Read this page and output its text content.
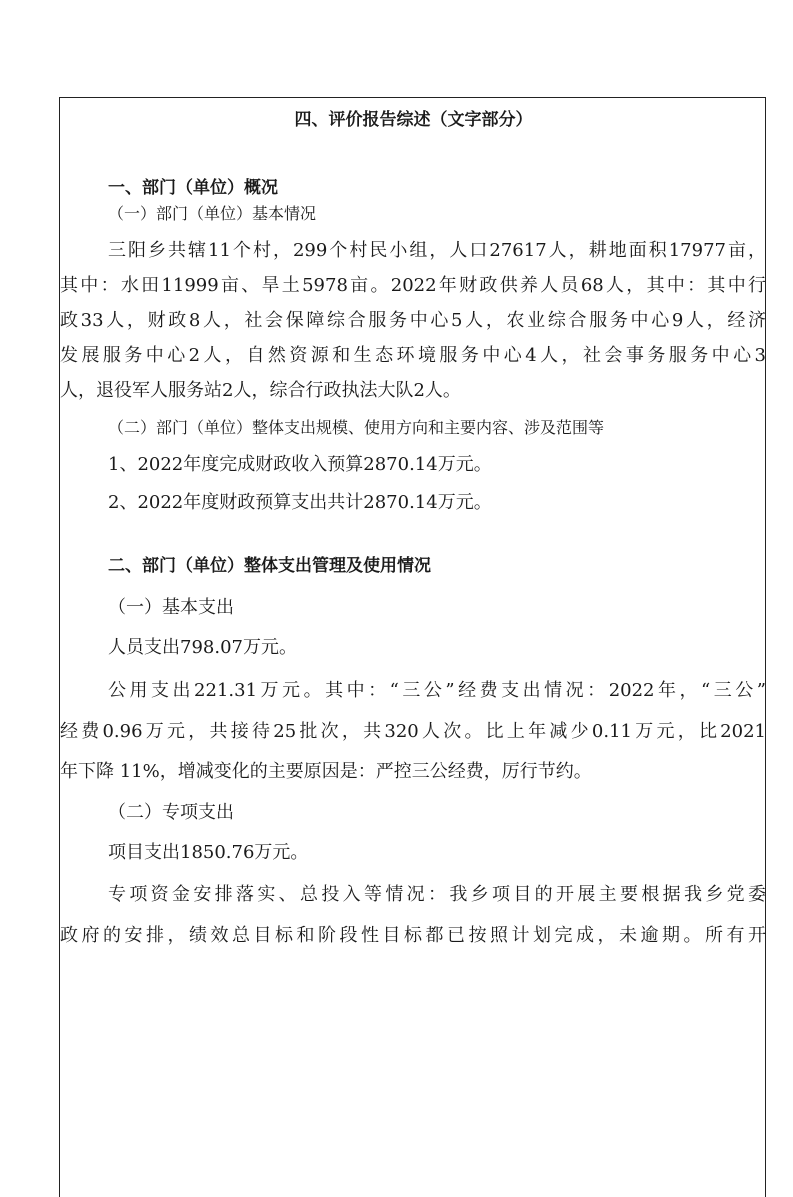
四、评价报告综述（文字部分）
一、部门（单位）概况
（一）部门（单位）基本情况
三阳乡共辖11个村，299个村民小组，人口27617人，耕地面积17977亩，
其中：水田11999亩、旱土5978亩。2022年财政供养人员68人，其中：其中行
政33人，财政8人，社会保障综合服务中心5人，农业综合服务中心9人，经济
发展服务中心2人，自然资源和生态环境服务中心4人，社会事务服务中心3
人，退役军人服务站2人，综合行政执法大队2人。
（二）部门（单位）整体支出规模、使用方向和主要内容、涉及范围等
1、2022年度完成财政收入预算2870.14万元。
2、2022年度财政预算支出共计2870.14万元。
二、部门（单位）整体支出管理及使用情况
（一）基本支出
人员支出798.07万元。
公用支出221.31万元。其中：“三公”经费支出情况：2022年，“三公”
经费0.96万元，共接待25批次，共320人次。比上年减少0.11万元，比2021
年下降 11%，增减变化的主要原因是：严控三公经费，厉行节约。
（二）专项支出
项目支出1850.76万元。
专项资金安排落实、总投入等情况：我乡项目的开展主要根据我乡党委
政府的安排，绩效总目标和阶段性目标都已按照计划完成，未逾期。所有开
